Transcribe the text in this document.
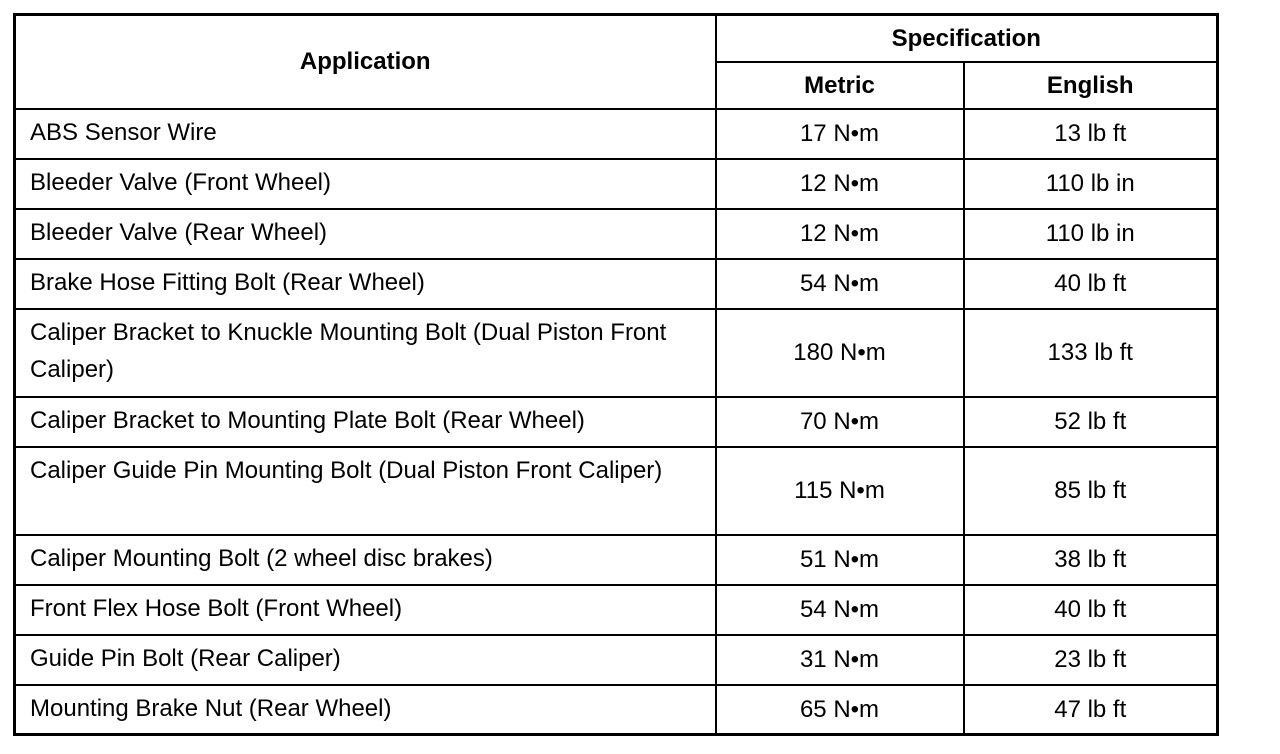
Application	Specification	
	Metric	English
ABS Sensor Wire	17 N•m	13 lb ft
Bleeder Valve (Front Wheel)	12 N•m	110 lb in
Bleeder Valve (Rear Wheel)	12 N•m	110 lb in
Brake Hose Fitting Bolt (Rear Wheel)	54 N•m	40 lb ft
Caliper Bracket to Knuckle Mounting Bolt (Dual Piston Front Caliper)	180 N•m	133 lb ft
Caliper Bracket to Mounting Plate Bolt (Rear Wheel)	70 N•m	52 lb ft
Caliper Guide Pin Mounting Bolt (Dual Piston Front Caliper)	115 N•m	85 lb ft
Caliper Mounting Bolt (2 wheel disc brakes)	51 N•m	38 lb ft
Front Flex Hose Bolt (Front Wheel)	54 N•m	40 lb ft
Guide Pin Bolt (Rear Caliper)	31 N•m	23 lb ft
Mounting Brake Nut (Rear Wheel)	65 N•m	47 lb ft
